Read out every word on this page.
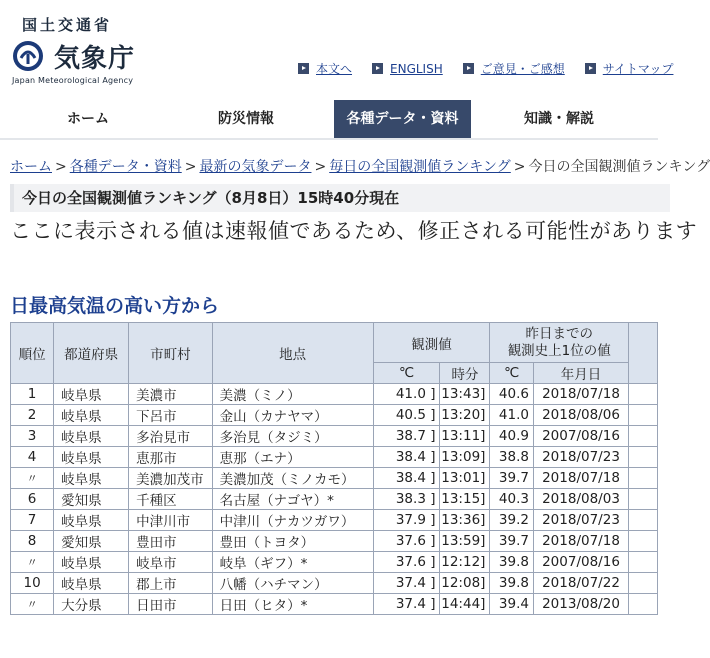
国土交通省
気象庁
Japan Meteorological Agency
本文へ	ENGLISH	ご意見・ご感想	サイトマップ
ホーム	防災情報	各種データ・資料	知識・解説
ホーム > 各種データ・資料 > 最新の気象データ > 毎日の全国観測値ランキング > 今日の全国観測値ランキング
今日の全国観測値ランキング（8月8日）15時40分現在
ここに表示される値は速報値であるため、修正される可能性があります
日最高気温の高い方から
順位	都道府県	市町村	地点	観測値		昨日までの
観測史上1位の値		
				℃	時分	℃	年月日	
1	岐阜県	美濃市	美濃（ミノ）	41.0 ]	13:43]	40.6	2018/07/18	
2	岐阜県	下呂市	金山（カナヤマ）	40.5 ]	13:20]	41.0	2018/08/06	
3	岐阜県	多治見市	多治見（タジミ）	38.7 ]	13:11]	40.9	2007/08/16	
4	岐阜県	恵那市	恵那（エナ）	38.4 ]	13:09]	38.8	2018/07/23	
〃	岐阜県	美濃加茂市	美濃加茂（ミノカモ）	38.4 ]	13:01]	39.7	2018/07/18	
6	愛知県	千種区	名古屋（ナゴヤ）*	38.3 ]	13:15]	40.3	2018/08/03	
7	岐阜県	中津川市	中津川（ナカツガワ）	37.9 ]	13:36]	39.2	2018/07/23	
8	愛知県	豊田市	豊田（トヨタ）	37.6 ]	13:59]	39.7	2018/07/18	
〃	岐阜県	岐阜市	岐阜（ギフ）*	37.6 ]	12:12]	39.8	2007/08/16	
10	岐阜県	郡上市	八幡（ハチマン）	37.4 ]	12:08]	39.8	2018/07/22	
〃	大分県	日田市	日田（ヒタ）*	37.4 ]	14:44]	39.4	2013/08/20	
